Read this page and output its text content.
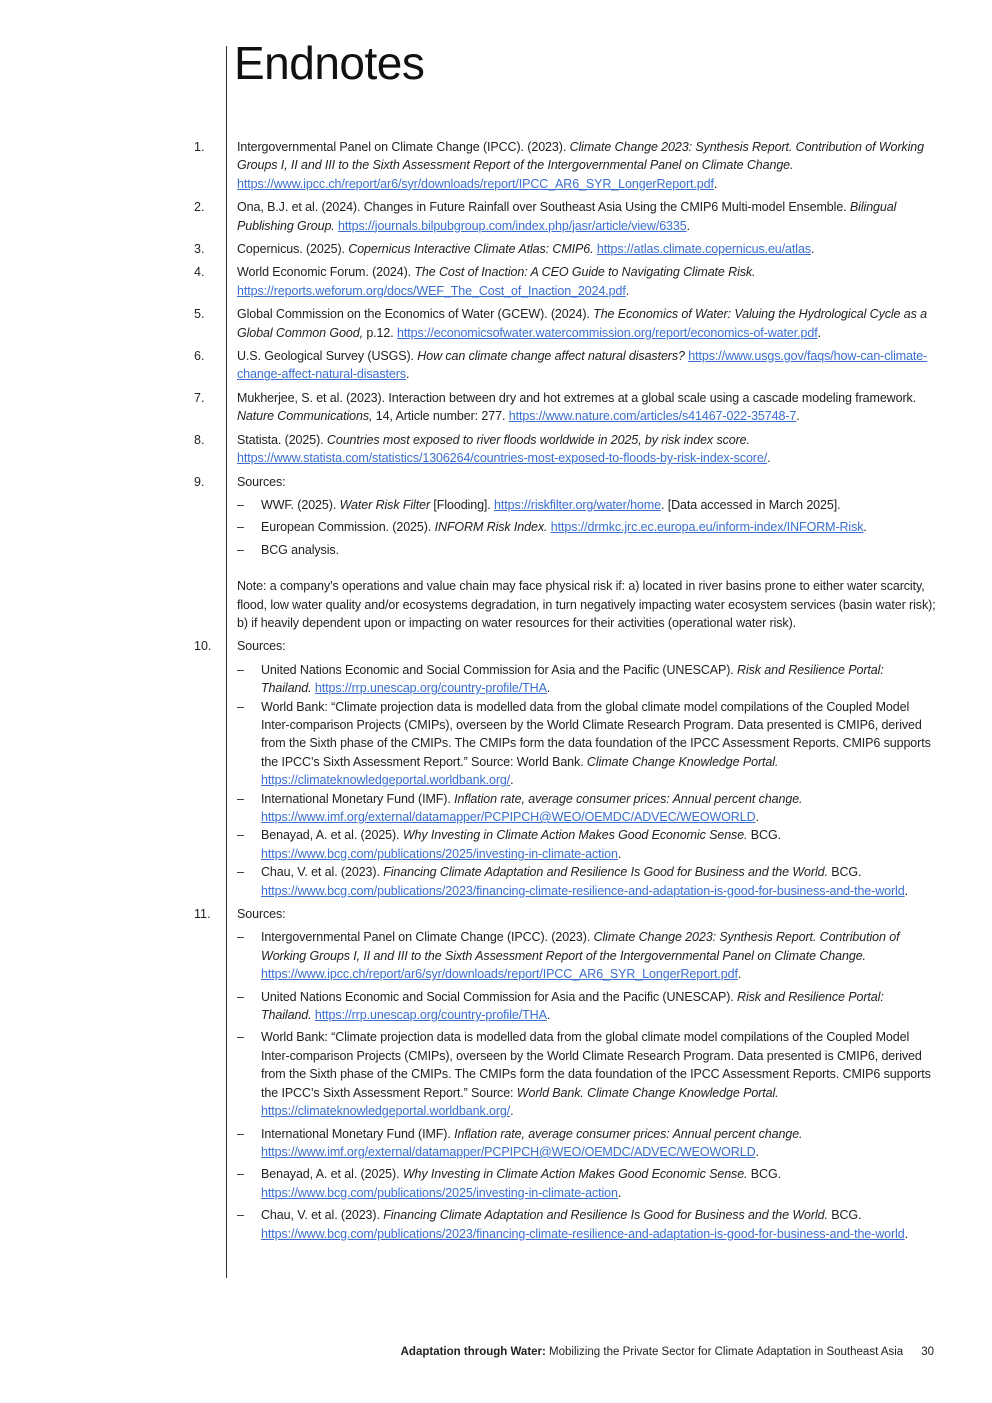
Endnotes
1.	Intergovernmental Panel on Climate Change (IPCC). (2023). Climate Change 2023: Synthesis Report. Contribution of Working Groups I, II and III to the Sixth Assessment Report of the Intergovernmental Panel on Climate Change. https://www.ipcc.ch/report/ar6/syr/downloads/report/IPCC_AR6_SYR_LongerReport.pdf.

2.	Ona, B.J. et al. (2024). Changes in Future Rainfall over Southeast Asia Using the CMIP6 Multi-model Ensemble. Bilingual Publishing Group. https://journals.bilpubgroup.com/index.php/jasr/article/view/6335.

3.	Copernicus. (2025). Copernicus Interactive Climate Atlas: CMIP6. https://atlas.climate.copernicus.eu/atlas.

4.	World Economic Forum. (2024). The Cost of Inaction: A CEO Guide to Navigating Climate Risk. https://reports.weforum.org/docs/WEF_The_Cost_of_Inaction_2024.pdf.

5.	Global Commission on the Economics of Water (GCEW). (2024). The Economics of Water: Valuing the Hydrological Cycle as a Global Common Good, p.12. https://economicsofwater.watercommission.org/report/economics-of-water.pdf.

6.	U.S. Geological Survey (USGS). How can climate change affect natural disasters? https://www.usgs.gov/faqs/how-can-climate-change-affect-natural-disasters.

7.	Mukherjee, S. et al. (2023). Interaction between dry and hot extremes at a global scale using a cascade modeling framework. Nature Communications, 14, Article number: 277. https://www.nature.com/articles/s41467-022-35748-7.

8.	Statista. (2025). Countries most exposed to river floods worldwide in 2025, by risk index score. https://www.statista.com/statistics/1306264/countries-most-exposed-to-floods-by-risk-index-score/.

9.	Sources:

– WWF. (2025). Water Risk Filter [Flooding]. https://riskfilter.org/water/home. [Data accessed in March 2025].

– European Commission. (2025). INFORM Risk Index. https://drmkc.jrc.ec.europa.eu/inform-index/INFORM-Risk.

– BCG analysis.

Note: a company’s operations and value chain may face physical risk if: a) located in river basins prone to either water scarcity, flood, low water quality and/or ecosystems degradation, in turn negatively impacting water ecosystem services (basin water risk); b) if heavily dependent upon or impacting on water resources for their activities (operational water risk).

10. Sources:

– United Nations Economic and Social Commission for Asia and the Pacific (UNESCAP). Risk and Resilience Portal: Thailand. https://rrp.unescap.org/country-profile/THA.

– World Bank: “Climate projection data is modelled data from the global climate model compilations of the Coupled Model Inter-comparison Projects (CMIPs), overseen by the World Climate Research Program. Data presented is CMIP6, derived from the Sixth phase of the CMIPs. The CMIPs form the data foundation of the IPCC Assessment Reports. CMIP6 supports the IPCC’s Sixth Assessment Report.” Source: World Bank. Climate Change Knowledge Portal. https://climateknowledgeportal.worldbank.org/.

– International Monetary Fund (IMF). Inflation rate, average consumer prices: Annual percent change. https://www.imf.org/external/datamapper/PCPIPCH@WEO/OEMDC/ADVEC/WEOWORLD.

– Benayad, A. et al. (2025). Why Investing in Climate Action Makes Good Economic Sense. BCG. https://www.bcg.com/publications/2025/investing-in-climate-action.

– Chau, V. et al. (2023). Financing Climate Adaptation and Resilience Is Good for Business and the World. BCG. https://www.bcg.com/publications/2023/financing-climate-resilience-and-adaptation-is-good-for-business-and-the-world.

11. Sources:

– Intergovernmental Panel on Climate Change (IPCC). (2023). Climate Change 2023: Synthesis Report. Contribution of Working Groups I, II and III to the Sixth Assessment Report of the Intergovernmental Panel on Climate Change. https://www.ipcc.ch/report/ar6/syr/downloads/report/IPCC_AR6_SYR_LongerReport.pdf.

– United Nations Economic and Social Commission for Asia and the Pacific (UNESCAP). Risk and Resilience Portal: Thailand. https://rrp.unescap.org/country-profile/THA.

– World Bank: “Climate projection data is modelled data from the global climate model compilations of the Coupled Model Inter-comparison Projects (CMIPs), overseen by the World Climate Research Program. Data presented is CMIP6, derived from the Sixth phase of the CMIPs. The CMIPs form the data foundation of the IPCC Assessment Reports. CMIP6 supports the IPCC’s Sixth Assessment Report.” Source: World Bank. Climate Change Knowledge Portal. https://climateknowledgeportal.worldbank.org/.

– International Monetary Fund (IMF). Inflation rate, average consumer prices: Annual percent change. https://www.imf.org/external/datamapper/PCPIPCH@WEO/OEMDC/ADVEC/WEOWORLD.

– Benayad, A. et al. (2025). Why Investing in Climate Action Makes Good Economic Sense. BCG. https://www.bcg.com/publications/2025/investing-in-climate-action.

– Chau, V. et al. (2023). Financing Climate Adaptation and Resilience Is Good for Business and the World. BCG. https://www.bcg.com/publications/2023/financing-climate-resilience-and-adaptation-is-good-for-business-and-the-world.

Adaptation through Water: Mobilizing the Private Sector for Climate Adaptation in Southeast Asia 30
